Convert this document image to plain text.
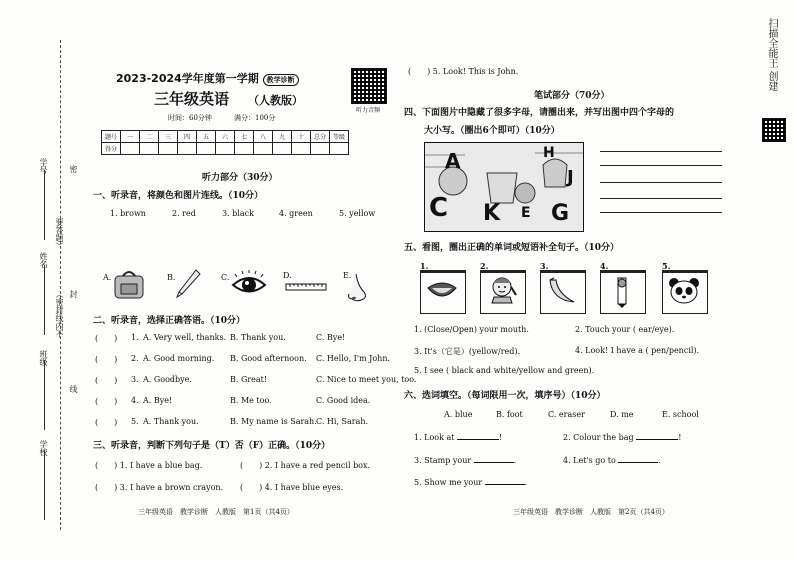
密
封
线
学号
姓名
班级
学校
要答题）
（密封线内不
2023-2024学年度第一学期 教学诊断
三年级英语 （人教版）
时间：60分钟	满分：100分
听力音频
题号	一	二	三	四	五	六	七	八	九	十	总分	等级
得分												
听力部分（30分）
一、听录音，将颜色和图片连线。（10分）
1. brown	2. red	3. black	4. green	5. yellow
A.	B.	C.	D.	E.
二、听录音，选择正确答语。（10分）
(　　) 1. A. Very well, thanks. B. Thank you.	C. Bye!
(　　) 2. A. Good morning. B. Good afternoon. C. Hello, I'm John.
(　　) 3. A. Goodbye.	B. Great!	C. Nice to meet you, too.
(　　) 4. A. Bye!	B. Me too.	C. Good idea.
(　　) 5. A. Thank you.	B. My name is Sarah. C. Hi, Sarah.
三、听录音，判断下列句子是（T）否（F）正确。（10分）
(　　) 1. I have a blue bag.	(　　) 2. I have a red pencil box.
(　　) 3. I have a brown crayon. (　　) 4. I have blue eyes.
三年级英语　教学诊断　人教版　第1页（共4页）
(　　) 5. Look! This is John.
笔试部分（70分）
四、下面图片中隐藏了很多字母，请圈出来，并写出图中四个字母的
大小写。（圈出6个即可）（10分）
A
J
H
C K G
E
五、看图，圈出正确的单词或短语补全句子。（10分）
1.	2.	3.	4.	5.
1. (Close/Open) your mouth.	2. Touch your ( ear/eye).
3. It's（它是）(yellow/red).	4. Look! I have a ( pen/pencil).
5. I see ( black and white/yellow and green).
六、选词填空。（每词限用一次，填序号）（10分）
A. blue	B. foot	C. eraser	D. me	E. school
1. Look at	!	2. Colour the bag	!
3. Stamp your	.	4. Let's go to	.
5. Show me your	.
三年级英语　教学诊断　人教版　第2页（共4页）
扫描全能王 创建
